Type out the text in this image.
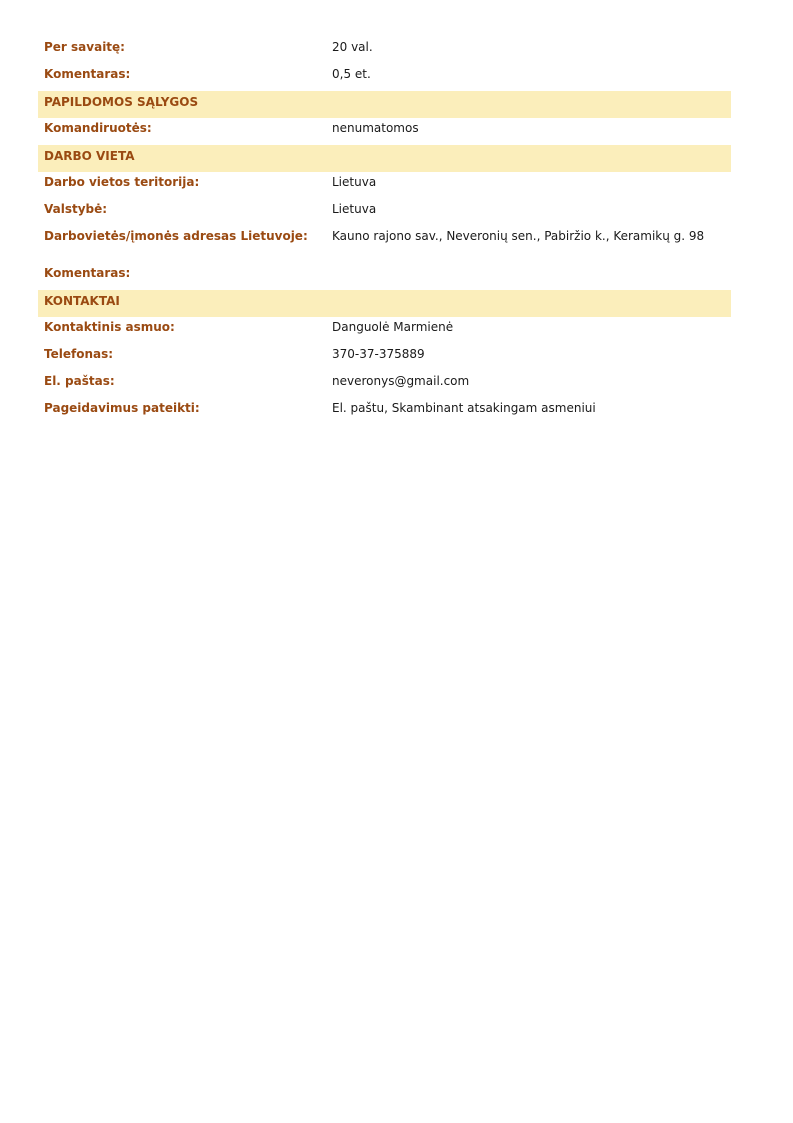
Per savaitę:	20 val.
Komentaras:	0,5 et.
PAPILDOMOS SĄLYGOS
Komandiruotės:	nenumatomos
DARBO VIETA
Darbo vietos teritorija:	Lietuva
Valstybė:	Lietuva
Darbovietės/įmonės adresas Lietuvoje:	Kauno rajono sav., Neveronių sen., Pabiržio k., Keramikų g. 98
Komentaras:
KONTAKTAI
Kontaktinis asmuo:	Danguolė Marmienė
Telefonas:	370-37-375889
El. paštas:	neveronys@gmail.com
Pageidavimus pateikti:	El. paštu, Skambinant atsakingam asmeniui
